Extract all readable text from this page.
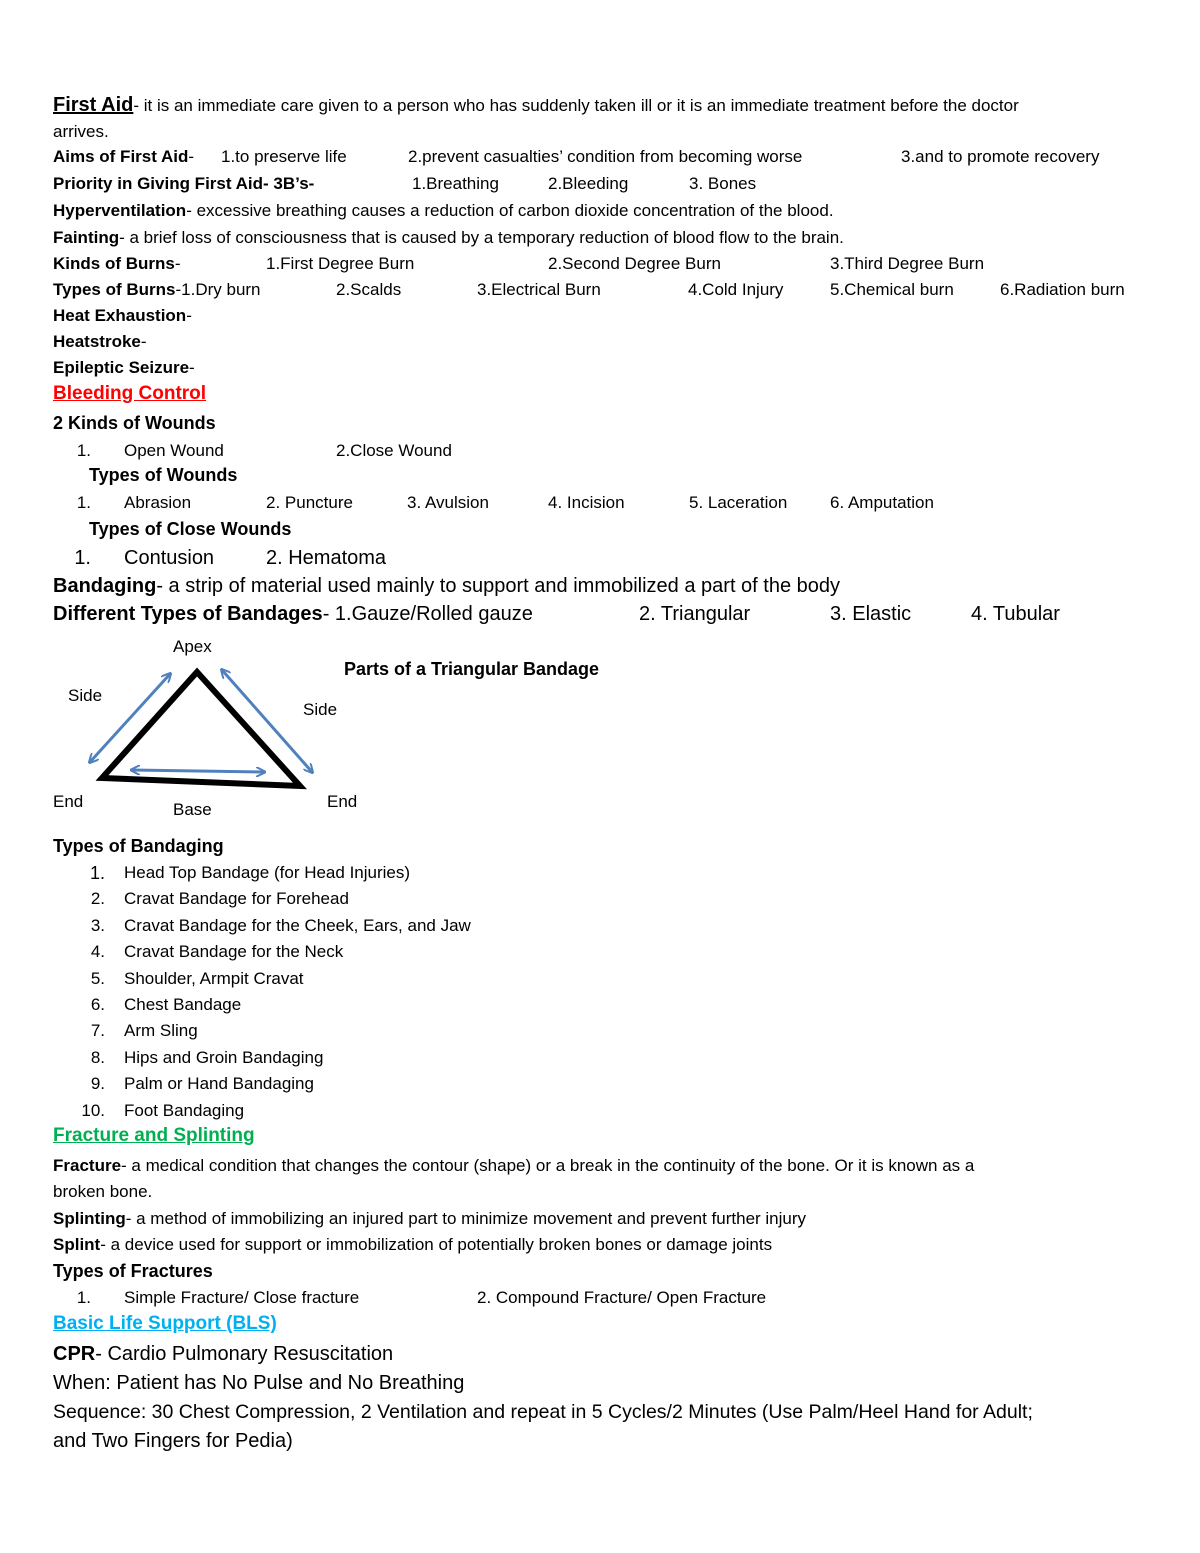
First Aid- it is an immediate care given to a person who has suddenly taken ill or it is an immediate treatment before the doctor
arrives.
Aims of First Aid- 1.to preserve life	2.prevent casualties’ condition from becoming worse	3.and to promote recovery
Priority in Giving First Aid- 3B’s-	1.Breathing	2.Bleeding	3. Bones
Hyperventilation- excessive breathing causes a reduction of carbon dioxide concentration of the blood.
Fainting- a brief loss of consciousness that is caused by a temporary reduction of blood flow to the brain.
Kinds of Burns-	1.First Degree Burn	2.Second Degree Burn	3.Third Degree Burn
Types of Burns-1.Dry burn	2.Scalds	3.Electrical Burn	4.Cold Injury	5.Chemical burn	6.Radiation burn
Heat Exhaustion-
Heatstroke-
Epileptic Seizure-
Bleeding Control
2 Kinds of Wounds
1. Open Wound	2.Close Wound
Types of Wounds
1. Abrasion	2. Puncture	3. Avulsion	4. Incision	5. Laceration	6. Amputation
Types of Close Wounds
1. Contusion	2. Hematoma
Bandaging- a strip of material used mainly to support and immobilized a part of the body
Different Types of Bandages- 1.Gauze/Rolled gauze	2. Triangular	3. Elastic	4. Tubular
Apex
Side
Side
End	End
Base
Parts of a Triangular Bandage
Types of Bandaging
1. Head Top Bandage (for Head Injuries)
2. Cravat Bandage for Forehead
3. Cravat Bandage for the Cheek, Ears, and Jaw
4. Cravat Bandage for the Neck
5. Shoulder, Armpit Cravat
6. Chest Bandage
7. Arm Sling
8. Hips and Groin Bandaging
9. Palm or Hand Bandaging
10. Foot Bandaging
Fracture and Splinting
Fracture- a medical condition that changes the contour (shape) or a break in the continuity of the bone. Or it is known as a
broken bone.
Splinting- a method of immobilizing an injured part to minimize movement and prevent further injury
Splint- a device used for support or immobilization of potentially broken bones or damage joints
Types of Fractures
1. Simple Fracture/ Close fracture	2. Compound Fracture/ Open Fracture
Basic Life Support (BLS)
CPR- Cardio Pulmonary Resuscitation
When: Patient has No Pulse and No Breathing
Sequence: 30 Chest Compression, 2 Ventilation and repeat in 5 Cycles/2 Minutes (Use Palm/Heel Hand for Adult;
and Two Fingers for Pedia)
